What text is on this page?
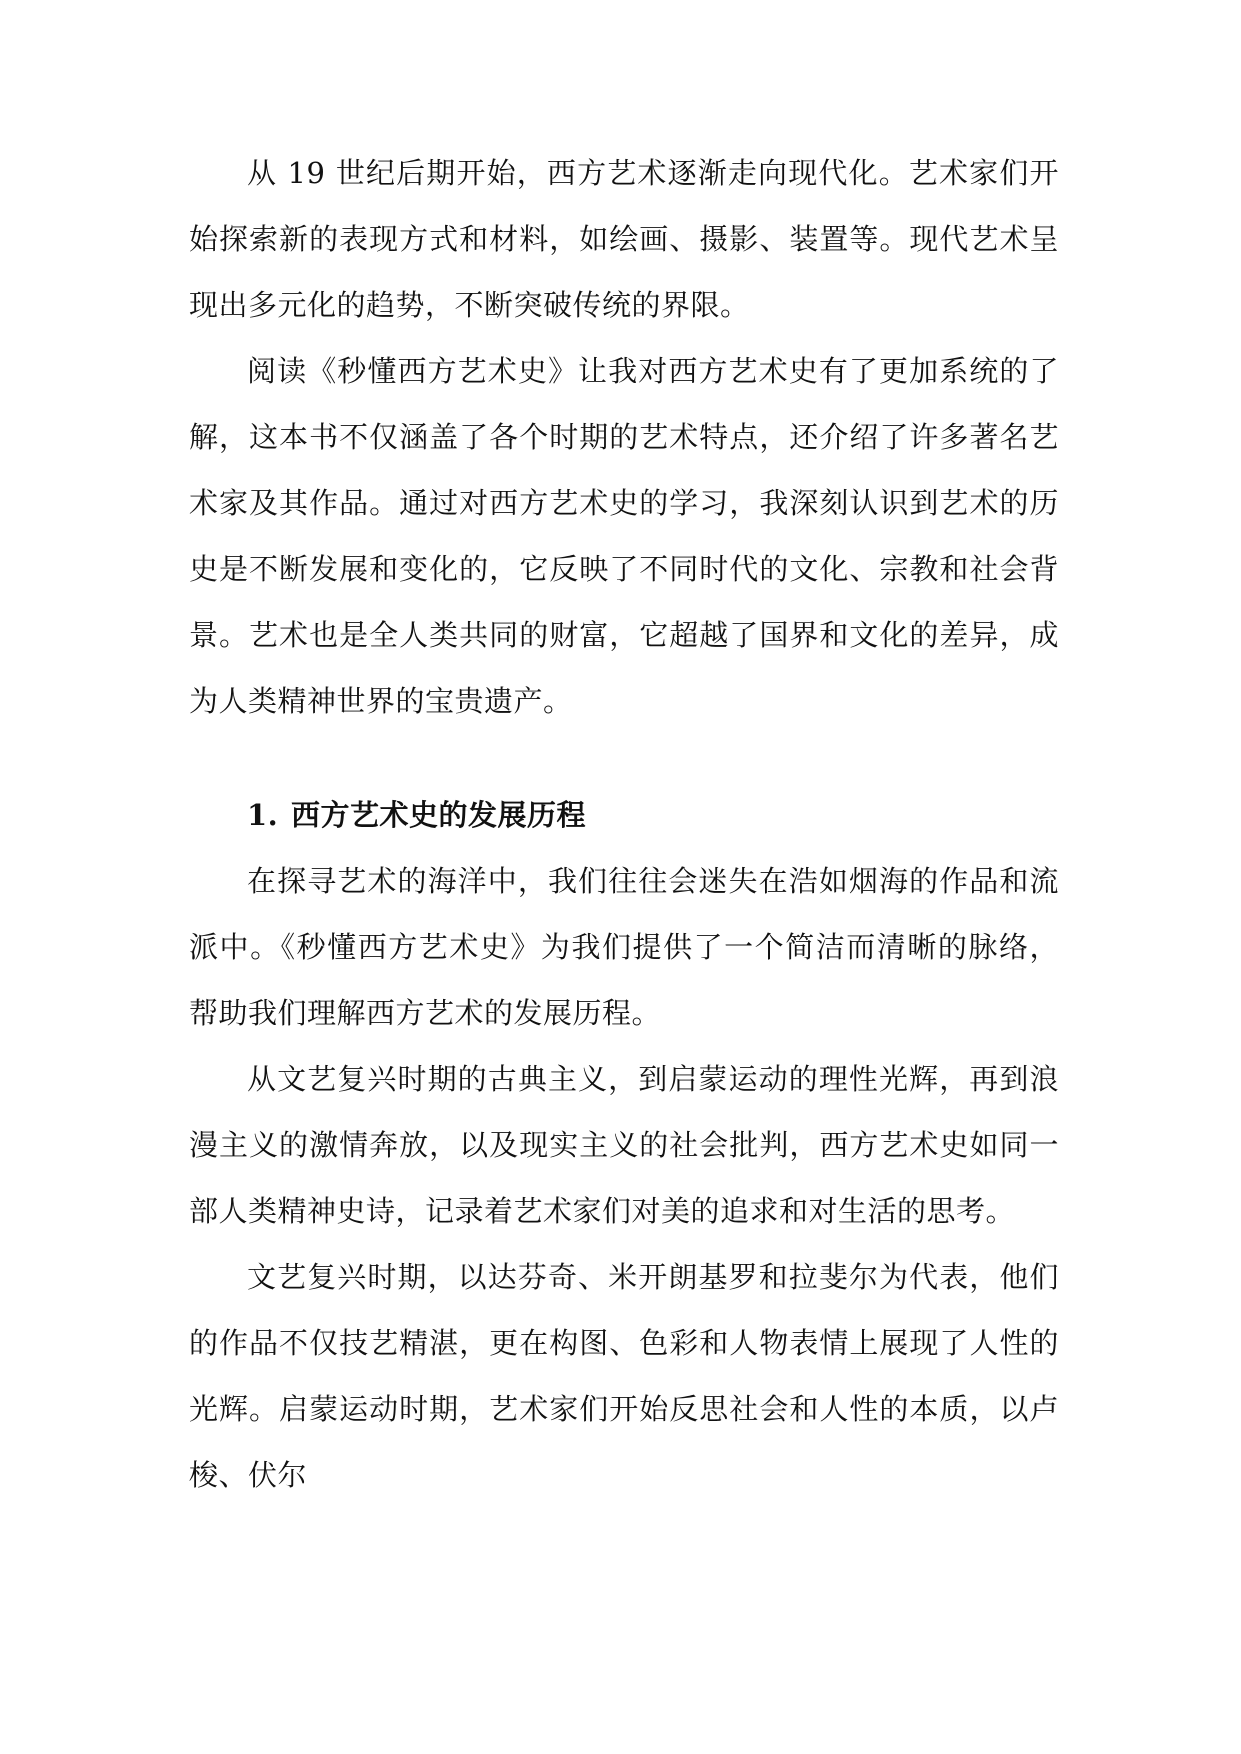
从 19 世纪后期开始，西方艺术逐渐走向现代化。艺术家们开始探索新的表现方式和材料，如绘画、摄影、装置等。现代艺术呈现出多元化的趋势，不断突破传统的界限。

阅读《秒懂西方艺术史》让我对西方艺术史有了更加系统的了解，这本书不仅涵盖了各个时期的艺术特点，还介绍了许多著名艺术家及其作品。通过对西方艺术史的学习，我深刻认识到艺术的历史是不断发展和变化的，它反映了不同时代的文化、宗教和社会背景。艺术也是全人类共同的财富，它超越了国界和文化的差异，成为人类精神世界的宝贵遗产。

1. 西方艺术史的发展历程

在探寻艺术的海洋中，我们往往会迷失在浩如烟海的作品和流派中。《秒懂西方艺术史》为我们提供了一个简洁而清晰的脉络，帮助我们理解西方艺术的发展历程。

从文艺复兴时期的古典主义，到启蒙运动的理性光辉，再到浪漫主义的激情奔放，以及现实主义的社会批判，西方艺术史如同一部人类精神史诗，记录着艺术家们对美的追求和对生活的思考。

文艺复兴时期，以达芬奇、米开朗基罗和拉斐尔为代表，他们的作品不仅技艺精湛，更在构图、色彩和人物表情上展现了人性的光辉。启蒙运动时期，艺术家们开始反思社会和人性的本质，以卢梭、伏尔
